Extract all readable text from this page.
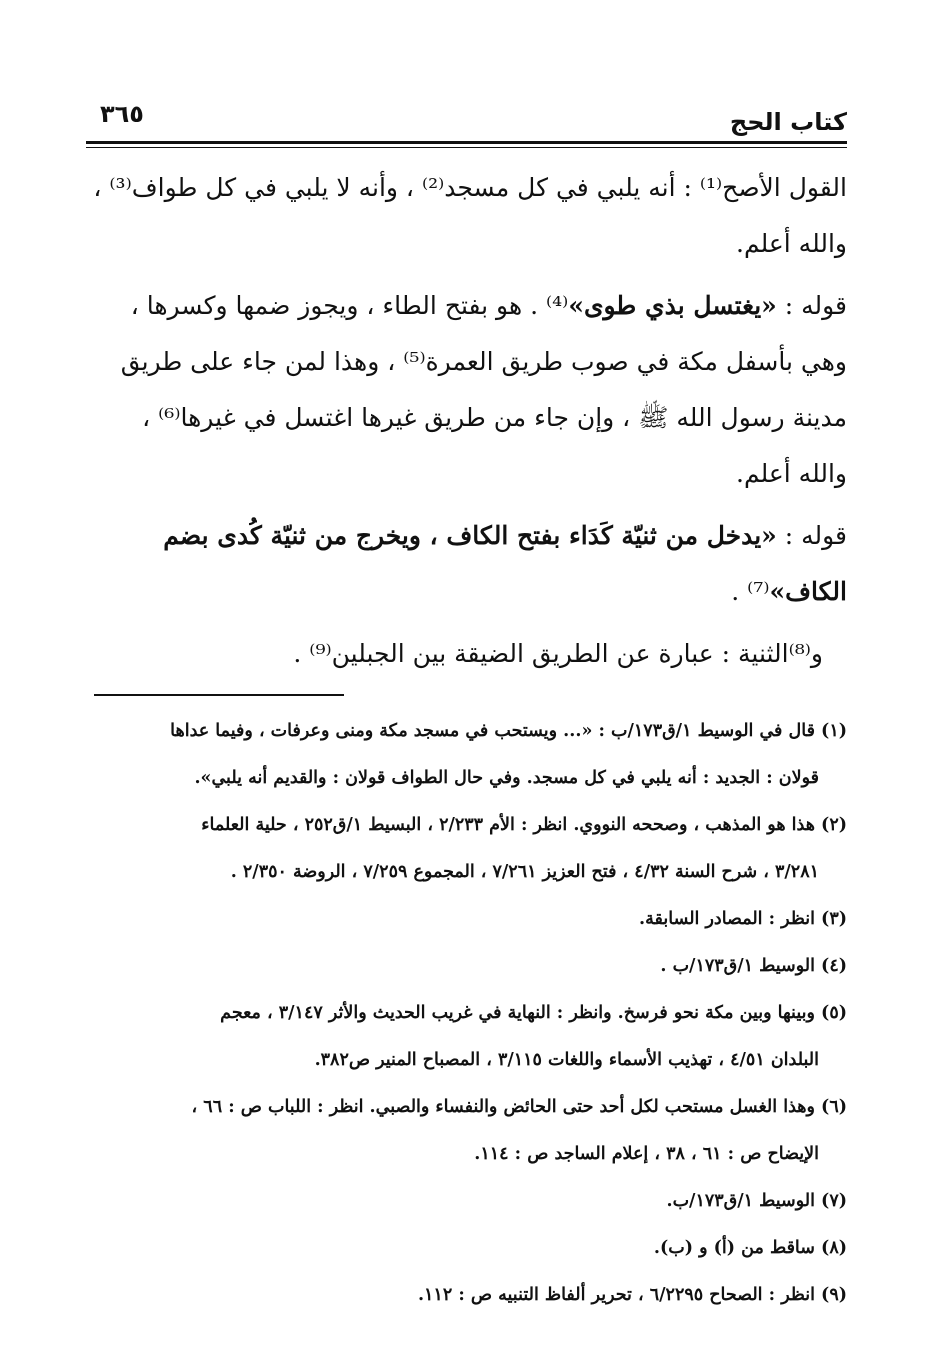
كتاب الحج
٣٦٥
القول الأصح⁽¹⁾ : أنه يلبي في كل مسجد⁽²⁾ ، وأنه لا يلبي في كل طواف⁽³⁾ ،
والله أعلم.
قوله : «يغتسل بذي طوى»⁽⁴⁾ . هو بفتح الطاء ، ويجوز ضمها وكسرها ،
وهي بأسفل مكة في صوب طريق العمرة⁽⁵⁾ ، وهذا لمن جاء على طريق
مدينة رسول الله ﷺ ، وإن جاء من طريق غيرها اغتسل في غيرها⁽⁶⁾ ،
والله أعلم.
قوله : «يدخل من ثنيّة كَدَاء بفتح الكاف ، ويخرج من ثنيّة كُدى بضم
الكاف»⁽⁷⁾ .
و⁽⁸⁾الثنية : عبارة عن الطريق الضيقة بين الجبلين⁽⁹⁾ .
(١) قال في الوسيط ١/ق١٧٣/ب : «... ويستحب في مسجد مكة ومنى وعرفات ، وفيما عداها
قولان : الجديد : أنه يلبي في كل مسجد. وفي حال الطواف قولان : والقديم أنه يلبي».
(٢) هذا هو المذهب ، وصححه النووي. انظر : الأم ٢/٢٣٣ ، البسيط ١/ق٢٥٢ ، حلية العلماء
٣/٢٨١ ، شرح السنة ٤/٣٢ ، فتح العزيز ٧/٢٦١ ، المجموع ٧/٢٥٩ ، الروضة ٢/٣٥٠ .
(٣) انظر : المصادر السابقة.
(٤) الوسيط ١/ق١٧٣/ب .
(٥) وبينها وبين مكة نحو فرسخ. وانظر : النهاية في غريب الحديث والأثر ٣/١٤٧ ، معجم
البلدان ٤/٥١ ، تهذيب الأسماء واللغات ٣/١١٥ ، المصباح المنير ص٣٨٢.
(٦) وهذا الغسل مستحب لكل أحد حتى الحائض والنفساء والصبي. انظر : اللباب ص : ٦٦ ،
الإيضاح ص : ٦١ ، ٣٨ ، إعلام الساجد ص : ١١٤.
(٧) الوسيط ١/ق١٧٣/ب.
(٨) ساقط من (أ) و (ب).
(٩) انظر : الصحاح ٦/٢٢٩٥ ، تحرير ألفاظ التنبيه ص : ١١٢.
